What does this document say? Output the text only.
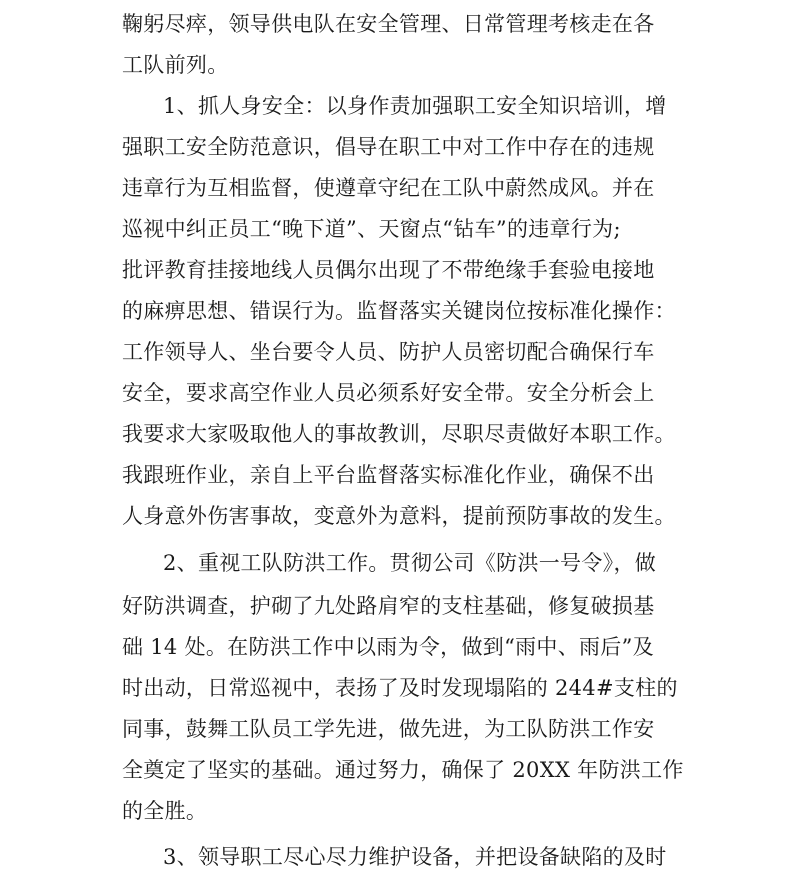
鞠躬尽瘁，领导供电队在安全管理、日常管理考核走在各
工队前列。
1、抓人身安全：以身作责加强职工安全知识培训，增
强职工安全防范意识，倡导在职工中对工作中存在的违规
违章行为互相监督，使遵章守纪在工队中蔚然成风。并在
巡视中纠正员工“晚下道”、天窗点“钻车”的违章行为;
批评教育挂接地线人员偶尔出现了不带绝缘手套验电接地
的麻痹思想、错误行为。监督落实关键岗位按标准化操作：
工作领导人、坐台要令人员、防护人员密切配合确保行车
安全，要求高空作业人员必须系好安全带。安全分析会上
我要求大家吸取他人的事故教训，尽职尽责做好本职工作。
我跟班作业，亲自上平台监督落实标准化作业，确保不出
人身意外伤害事故，变意外为意料，提前预防事故的发生。
2、重视工队防洪工作。贯彻公司《防洪一号令》，做
好防洪调查，护砌了九处路肩窄的支柱基础，修复破损基
础 14 处。在防洪工作中以雨为令，做到“雨中、雨后”及
时出动，日常巡视中，表扬了及时发现塌陷的 244#支柱的
同事，鼓舞工队员工学先进，做先进，为工队防洪工作安
全奠定了坚实的基础。通过努力，确保了 20XX 年防洪工作
的全胜。
3、领导职工尽心尽力维护设备，并把设备缺陷的及时
